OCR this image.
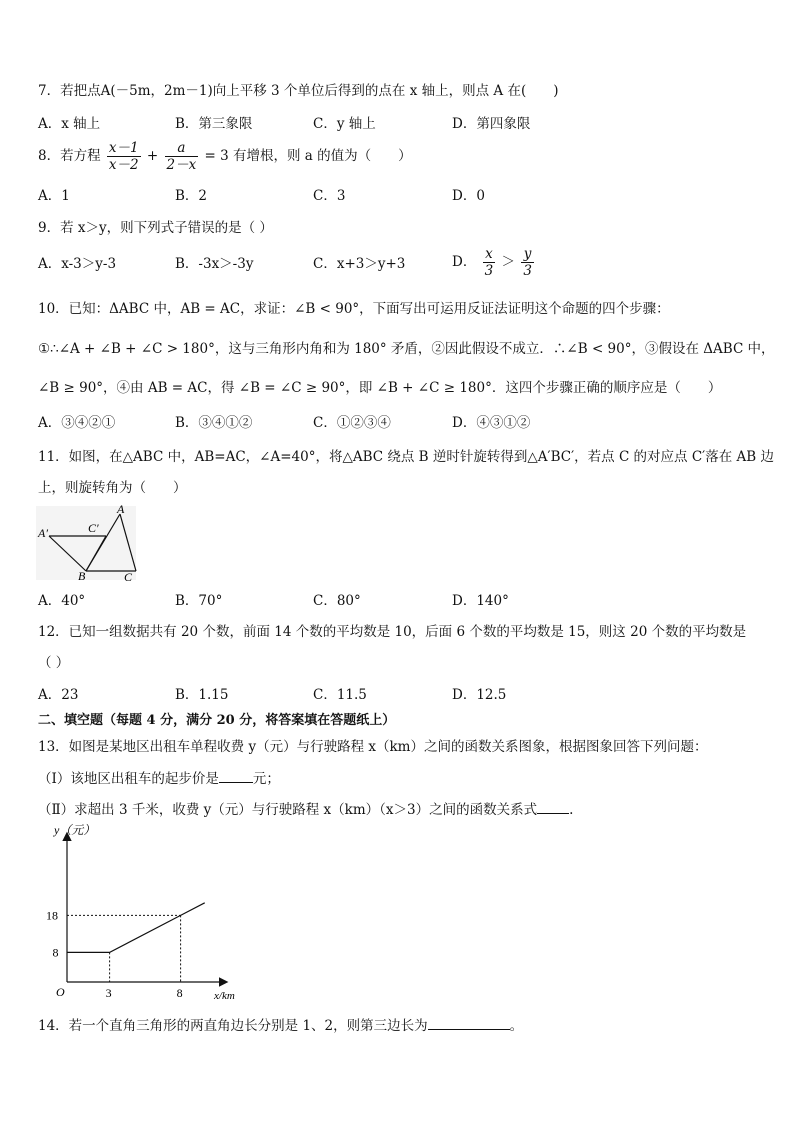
7．若把点A(－5m，2m－1)向上平移 3 个单位后得到的点在 x 轴上，则点 A 在(　　)
A．x 轴上	B．第三象限	C．y 轴上	D．第四象限
8．若方程 $\frac{x-1}{x-2} + \frac{a}{2-x} = 3$ 有增根，则 a 的值为（　　）
A．1	B．2	C．3	D．0
9．若 x＞y，则下列式子错误的是（ ）
A．x-3＞y-3	B．-3x＞-3y	C．x+3＞y+3	D． $\frac{x}{3} > \frac{y}{3}$
10．已知：ΔABC 中，AB = AC，求证：∠B < 90°，下面写出可运用反证法证明这个命题的四个步骤：
①∴∠A + ∠B + ∠C > 180°，这与三角形内角和为 180° 矛盾，②因此假设不成立．∴∠B < 90°，③假设在 ΔABC 中，
∠B ≥ 90°，④由 AB = AC，得 ∠B = ∠C ≥ 90°，即 ∠B + ∠C ≥ 180°．这四个步骤正确的顺序应是（　　）
A．③④②①	B．③④①②	C．①②③④	D．④③①②
11．如图，在△ABC 中，AB=AC，∠A=40°，将△ABC 绕点 B 逆时针旋转得到△A′BC′，若点 C 的对应点 C′落在 AB 边
上，则旋转角为（　　）
A′	C′
A
B	C
A．40°	B．70°	C．80°	D．140°
12．已知一组数据共有 20 个数，前面 14 个数的平均数是 10，后面 6 个数的平均数是 15，则这 20 个数的平均数是
（ ）
A．23	B．1.15	C．11.5	D．12.5
二、填空题（每题 4 分，满分 20 分，将答案填在答题纸上）
13．如图是某地区出租车单程收费 y（元）与行驶路程 x（km）之间的函数关系图象，根据图象回答下列问题：
（Ⅰ）该地区出租车的起步价是	元；
（Ⅱ）求超出 3 千米，收费 y（元）与行驶路程 x（km）（x＞3）之间的函数关系式 .
O
y（元）
x/km
3	8
8
18
14．若一个直角三角形的两直角边长分别是 1、2，则第三边长为	。
